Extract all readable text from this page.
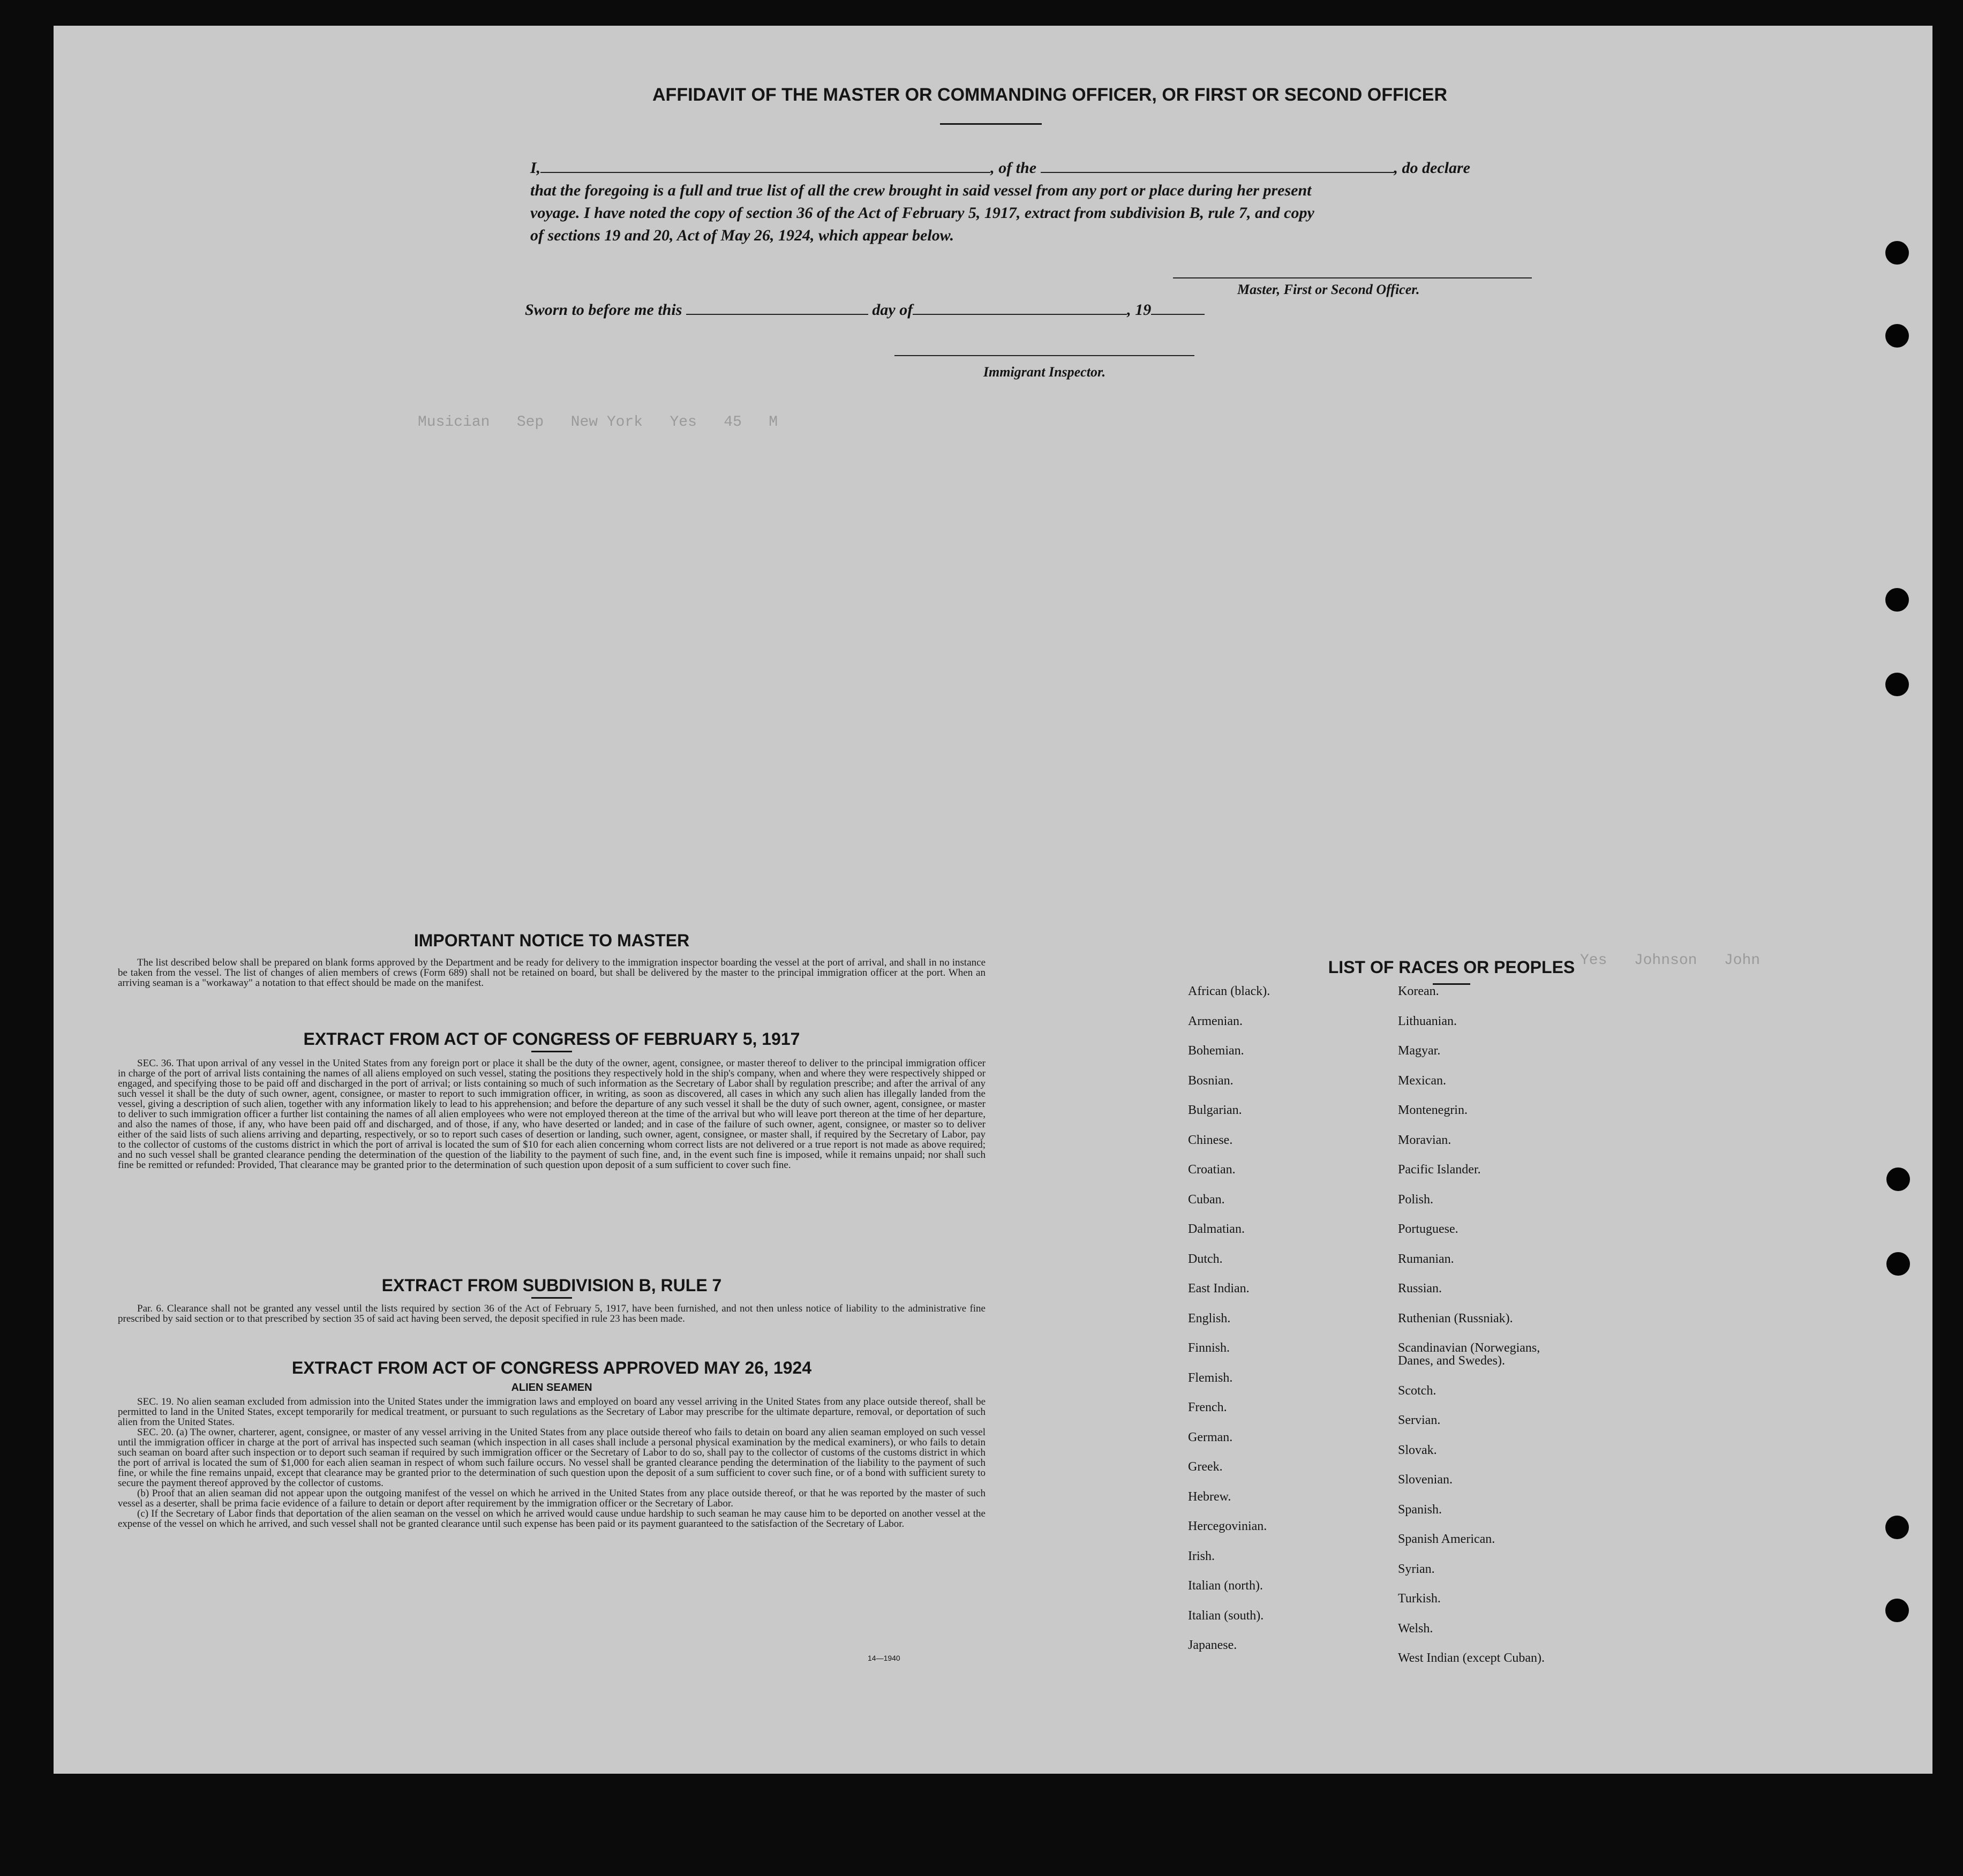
Musician   Sep   New York   Yes   45   M
Yes   Johnson   John
AFFIDAVIT OF THE MASTER OR COMMANDING OFFICER, OR FIRST OR SECOND OFFICER
I,	, of the	, do declare
that the foregoing is a full and true list of all the crew brought in said vessel from any port or place during her present
voyage. I have noted the copy of section 36 of the Act of February 5, 1917, extract from subdivision B, rule 7, and copy
of sections 19 and 20, Act of May 26, 1924, which appear below.
Master, First or Second Officer.
Sworn to before me this	day of	, 19
Immigrant Inspector.
IMPORTANT NOTICE TO MASTER

The list described below shall be prepared on blank forms approved by the Department and be ready for delivery to the immigration inspector boarding the vessel at the port of arrival, and shall in no instance be taken from the vessel. The list of changes of alien members of crews (Form 689) shall not be retained on board, but shall be delivered by the master to the principal immigration officer at the port. When an arriving seaman is a "workaway" a notation to that effect should be made on the manifest.

EXTRACT FROM ACT OF CONGRESS OF FEBRUARY 5, 1917

SEC. 36. That upon arrival of any vessel in the United States from any foreign port or place it shall be the duty of the owner, agent, consignee, or master thereof to deliver to the principal immigration officer in charge of the port of arrival lists containing the names of all aliens employed on such vessel, stating the positions they respectively hold in the ship's company, when and where they were respectively shipped or engaged, and specifying those to be paid off and discharged in the port of arrival; or lists containing so much of such information as the Secretary of Labor shall by regulation prescribe; and after the arrival of any such vessel it shall be the duty of such owner, agent, consignee, or master to report to such immigration officer, in writing, as soon as discovered, all cases in which any such alien has illegally landed from the vessel, giving a description of such alien, together with any information likely to lead to his apprehension; and before the departure of any such vessel it shall be the duty of such owner, agent, consignee, or master to deliver to such immigration officer a further list containing the names of all alien employees who were not employed thereon at the time of the arrival but who will leave port thereon at the time of her departure, and also the names of those, if any, who have been paid off and discharged, and of those, if any, who have deserted or landed; and in case of the failure of such owner, agent, consignee, or master so to deliver either of the said lists of such aliens arriving and departing, respectively, or so to report such cases of desertion or landing, such owner, agent, consignee, or master shall, if required by the Secretary of Labor, pay to the collector of customs of the customs district in which the port of arrival is located the sum of $10 for each alien concerning whom correct lists are not delivered or a true report is not made as above required; and no such vessel shall be granted clearance pending the determination of the question of the liability to the payment of such fine, and, in the event such fine is imposed, while it remains unpaid; nor shall such fine be remitted or refunded: Provided, That clearance may be granted prior to the determination of such question upon deposit of a sum sufficient to cover such fine.

EXTRACT FROM SUBDIVISION B, RULE 7

Par. 6. Clearance shall not be granted any vessel until the lists required by section 36 of the Act of February 5, 1917, have been furnished, and not then unless notice of liability to the administrative fine prescribed by said section or to that prescribed by section 35 of said act having been served, the deposit specified in rule 23 has been made.

EXTRACT FROM ACT OF CONGRESS APPROVED MAY 26, 1924
ALIEN SEAMEN

SEC. 19. No alien seaman excluded from admission into the United States under the immigration laws and employed on board any vessel arriving in the United States from any place outside thereof, shall be permitted to land in the United States, except temporarily for medical treatment, or pursuant to such regulations as the Secretary of Labor may prescribe for the ultimate departure, removal, or deportation of such alien from the United States.

SEC. 20. (a) The owner, charterer, agent, consignee, or master of any vessel arriving in the United States from any place outside thereof who fails to detain on board any alien seaman employed on such vessel until the immigration officer in charge at the port of arrival has inspected such seaman (which inspection in all cases shall include a personal physical examination by the medical examiners), or who fails to detain such seaman on board after such inspection or to deport such seaman if required by such immigration officer or the Secretary of Labor to do so, shall pay to the collector of customs of the customs district in which the port of arrival is located the sum of $1,000 for each alien seaman in respect of whom such failure occurs. No vessel shall be granted clearance pending the determination of the liability to the payment of such fine, or while the fine remains unpaid, except that clearance may be granted prior to the determination of such question upon the deposit of a sum sufficient to cover such fine, or of a bond with sufficient surety to secure the payment thereof approved by the collector of customs.

(b) Proof that an alien seaman did not appear upon the outgoing manifest of the vessel on which he arrived in the United States from any place outside thereof, or that he was reported by the master of such vessel as a deserter, shall be prima facie evidence of a failure to detain or deport after requirement by the immigration officer or the Secretary of Labor.

(c) If the Secretary of Labor finds that deportation of the alien seaman on the vessel on which he arrived would cause undue hardship to such seaman he may cause him to be deported on another vessel at the expense of the vessel on which he arrived, and such vessel shall not be granted clearance until such expense has been paid or its payment guaranteed to the satisfaction of the Secretary of Labor.

14—1940
LIST OF RACES OR PEOPLES
African (black).
Armenian.
Bohemian.
Bosnian.
Bulgarian.
Chinese.
Croatian.
Cuban.
Dalmatian.
Dutch.
East Indian.
English.
Finnish.
Flemish.
French.
German.
Greek.
Hebrew.
Hercegovinian.
Irish.
Italian (north).
Italian (south).
Japanese.
Korean.
Lithuanian.
Magyar.
Mexican.
Montenegrin.
Moravian.
Pacific Islander.
Polish.
Portuguese.
Rumanian.
Russian.
Ruthenian (Russniak).
Scandinavian (Norwegians,
Danes, and Swedes).
Scotch.
Servian.
Slovak.
Slovenian.
Spanish.
Spanish American.
Syrian.
Turkish.
Welsh.
West Indian (except Cuban).
